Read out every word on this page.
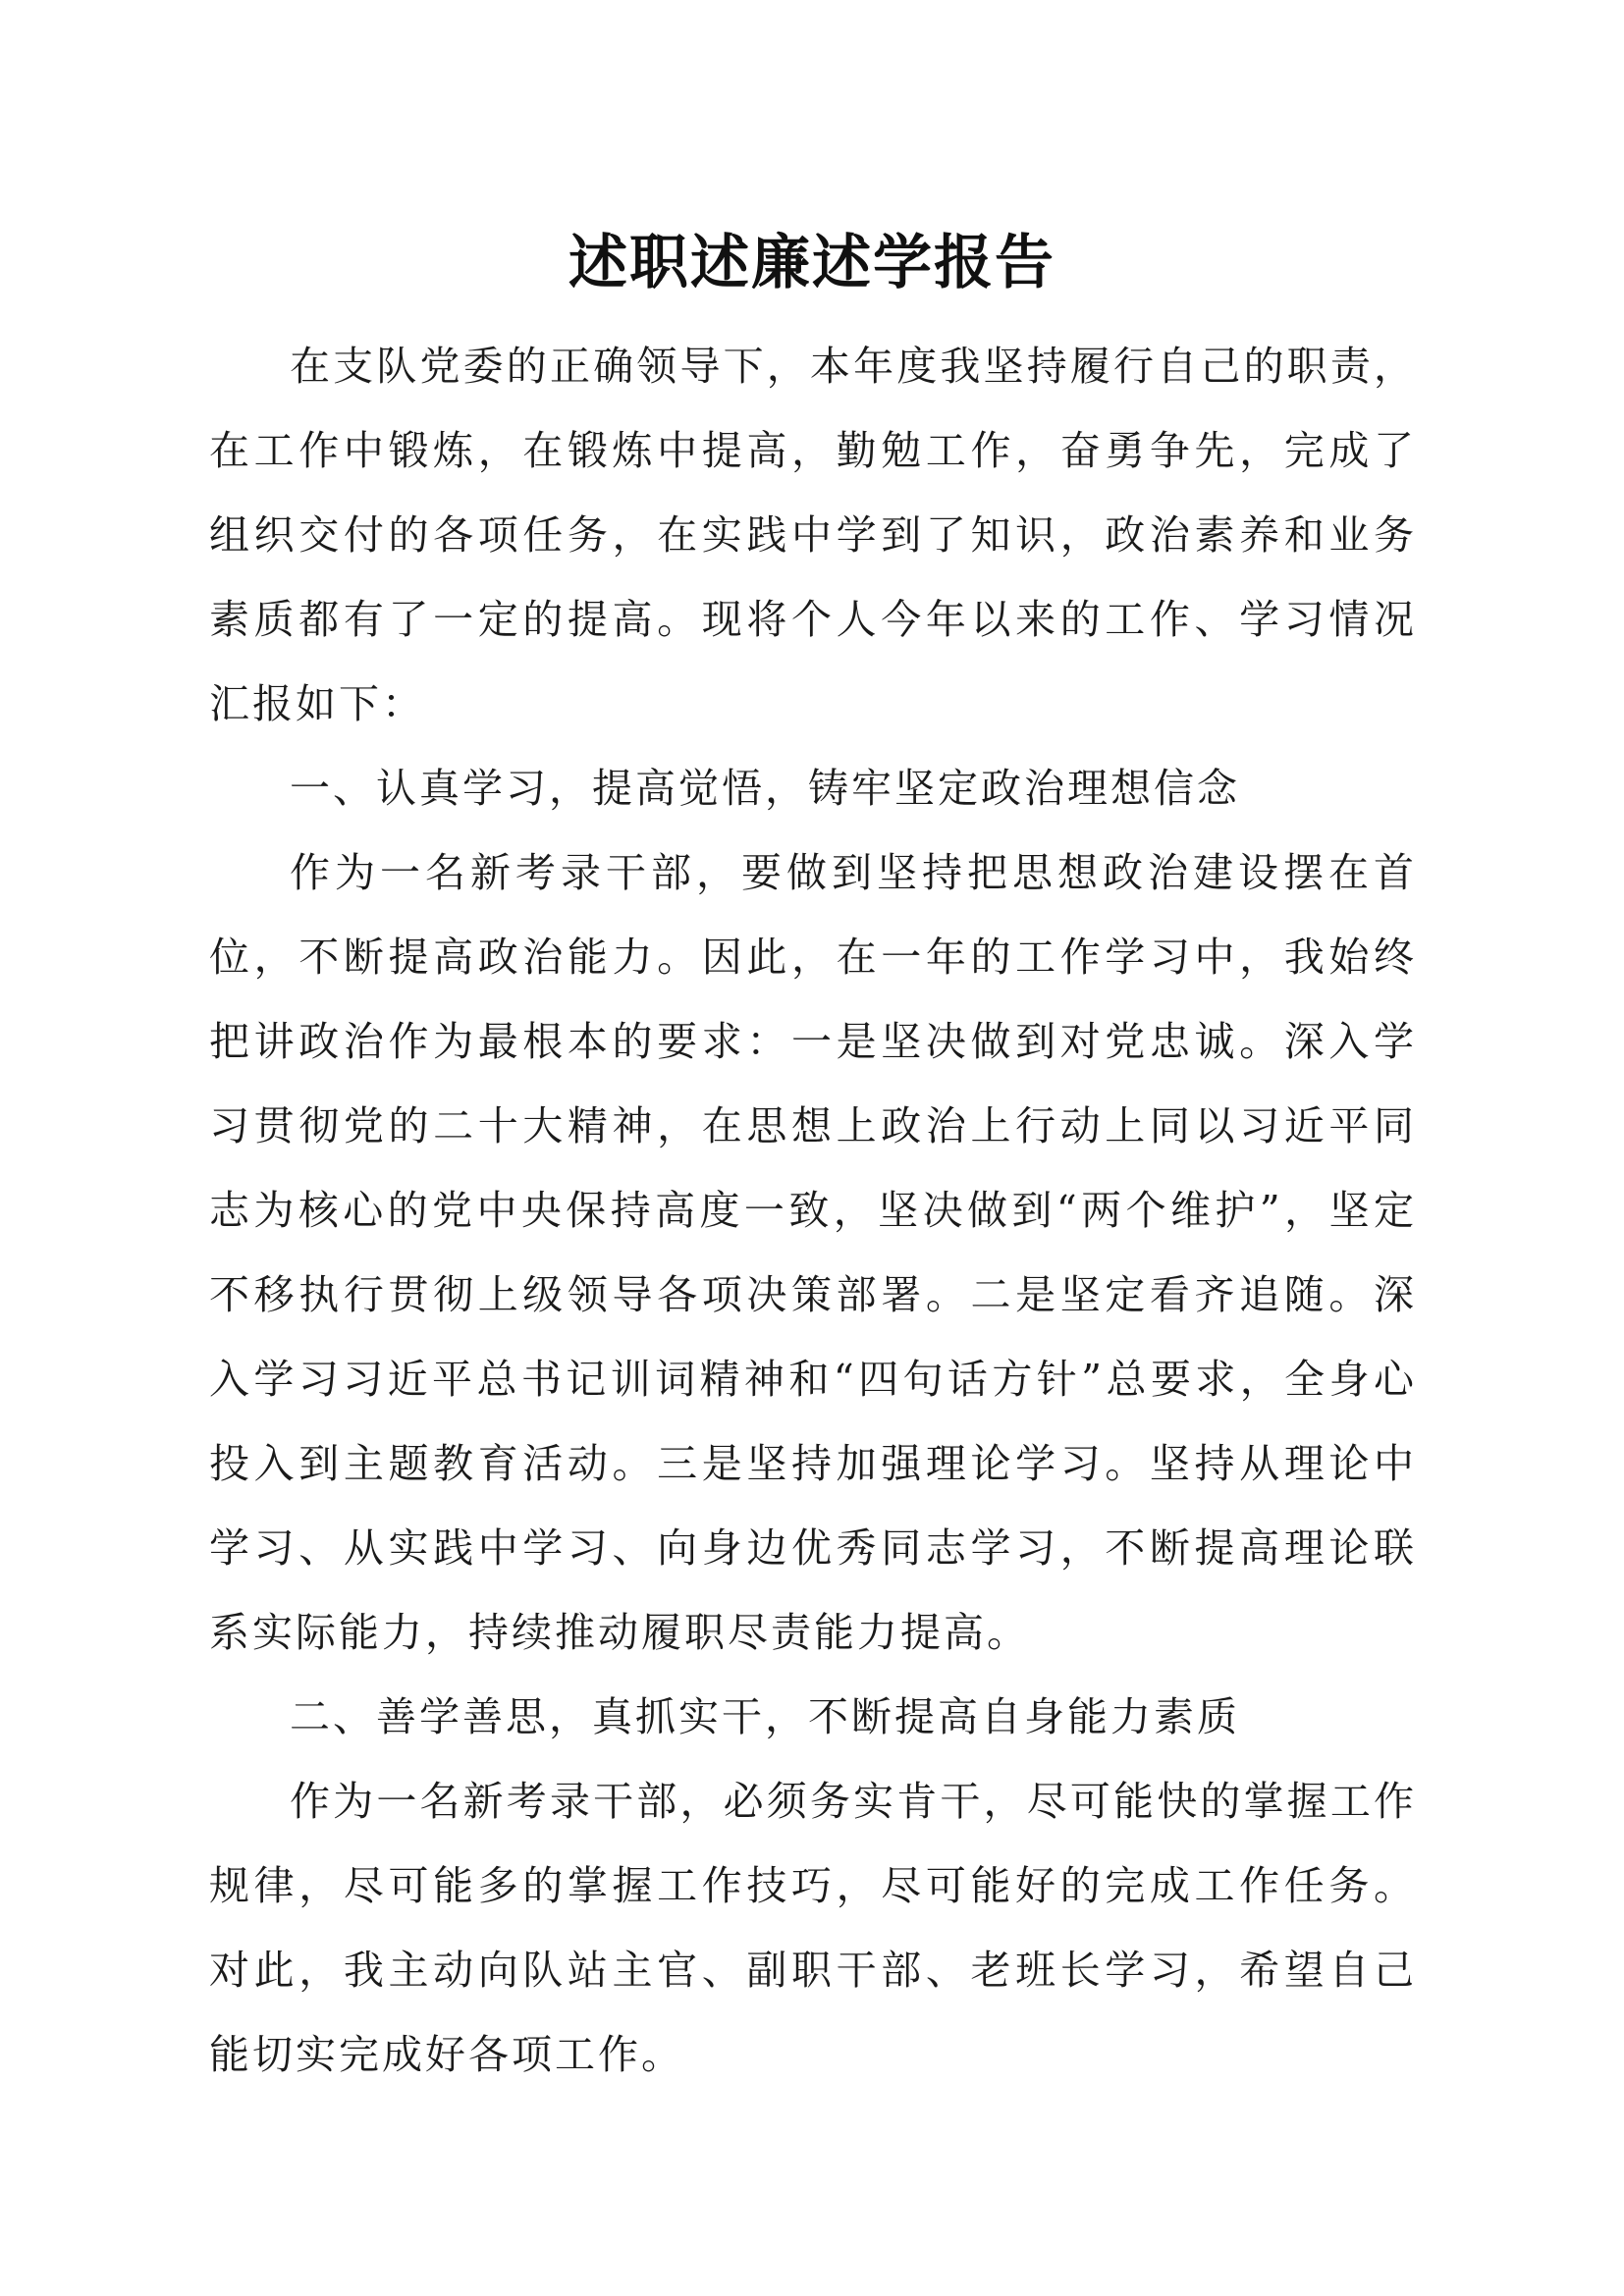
述职述廉述学报告

在支队党委的正确领导下，本年度我坚持履行自己的职责，在工作中锻炼，在锻炼中提高，勤勉工作，奋勇争先，完成了组织交付的各项任务，在实践中学到了知识，政治素养和业务素质都有了一定的提高。现将个人今年以来的工作、学习情况汇报如下：

一、认真学习，提高觉悟，铸牢坚定政治理想信念

作为一名新考录干部，要做到坚持把思想政治建设摆在首位，不断提高政治能力。因此，在一年的工作学习中，我始终把讲政治作为最根本的要求：一是坚决做到对党忠诚。深入学习贯彻党的二十大精神，在思想上政治上行动上同以习近平同志为核心的党中央保持高度一致，坚决做到“两个维护”，坚定不移执行贯彻上级领导各项决策部署。二是坚定看齐追随。深入学习习近平总书记训词精神和“四句话方针”总要求，全身心投入到主题教育活动。三是坚持加强理论学习。坚持从理论中学习、从实践中学习、向身边优秀同志学习，不断提高理论联系实际能力，持续推动履职尽责能力提高。

二、善学善思，真抓实干，不断提高自身能力素质

作为一名新考录干部，必须务实肯干，尽可能快的掌握工作规律，尽可能多的掌握工作技巧，尽可能好的完成工作任务。对此，我主动向队站主官、副职干部、老班长学习，希望自己能切实完成好各项工作。
